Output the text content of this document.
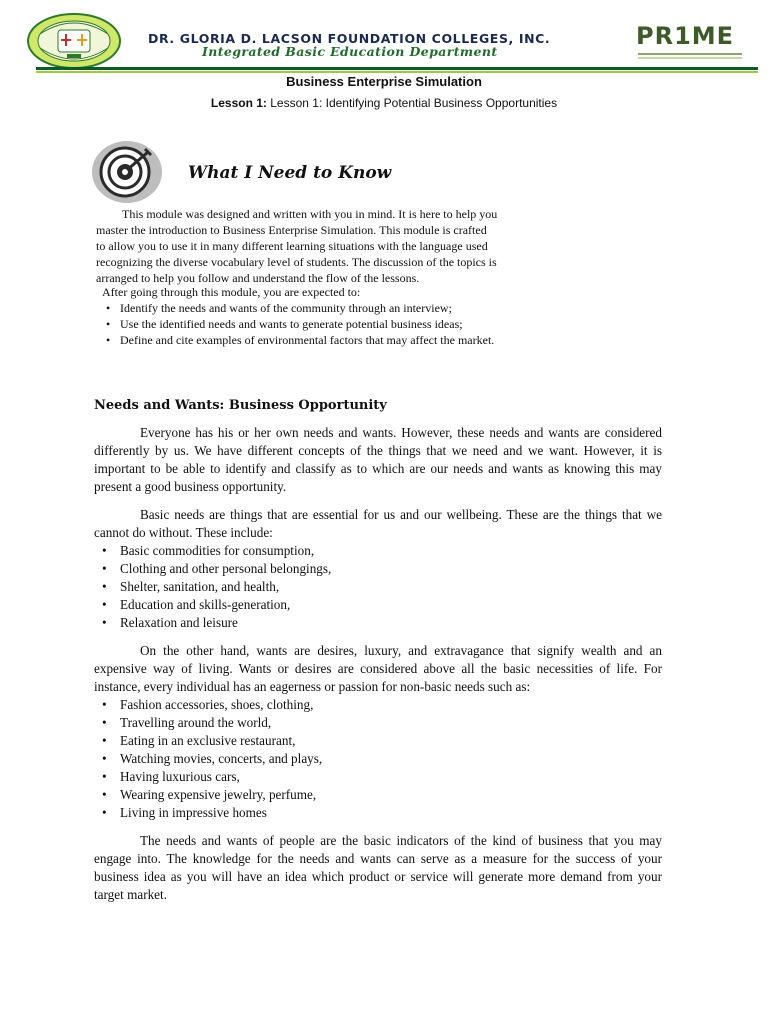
DR. GLORIA D. LACSON FOUNDATION COLLEGES, INC.
Integrated Basic Education Department
PR1ME
Business Enterprise Simulation
Lesson 1: Lesson 1: Identifying Potential Business Opportunities
What I Need to Know
This module was designed and written with you in mind. It is here to help you
master the introduction to Business Enterprise Simulation. This module is crafted
to allow you to use it in many different learning situations with the language used
recognizing the diverse vocabulary level of students. The discussion of the topics is
arranged to help you follow and understand the flow of the lessons.
After going through this module, you are expected to:
• Identify the needs and wants of the community through an interview;
• Use the identified needs and wants to generate potential business ideas;
• Define and cite examples of environmental factors that may affect the market.
Needs and Wants: Business Opportunity

Everyone has his or her own needs and wants. However, these needs and wants are considered differently by us. We have different concepts of the things that we need and we want. However, it is important to be able to identify and classify as to which are our needs and wants as knowing this may present a good business opportunity.

Basic needs are things that are essential for us and our wellbeing. These are the things that we cannot do without. These include:

• Basic commodities for consumption,
• Clothing and other personal belongings,
• Shelter, sanitation, and health,
• Education and skills-generation,
• Relaxation and leisure

On the other hand, wants are desires, luxury, and extravagance that signify wealth and an expensive way of living. Wants or desires are considered above all the basic necessities of life. For instance, every individual has an eagerness or passion for non-basic needs such as:

• Fashion accessories, shoes, clothing,
• Travelling around the world,
• Eating in an exclusive restaurant,
• Watching movies, concerts, and plays,
• Having luxurious cars,
• Wearing expensive jewelry, perfume,
• Living in impressive homes

The needs and wants of people are the basic indicators of the kind of business that you may engage into. The knowledge for the needs and wants can serve as a measure for the success of your business idea as you will have an idea which product or service will generate more demand from your target market.
